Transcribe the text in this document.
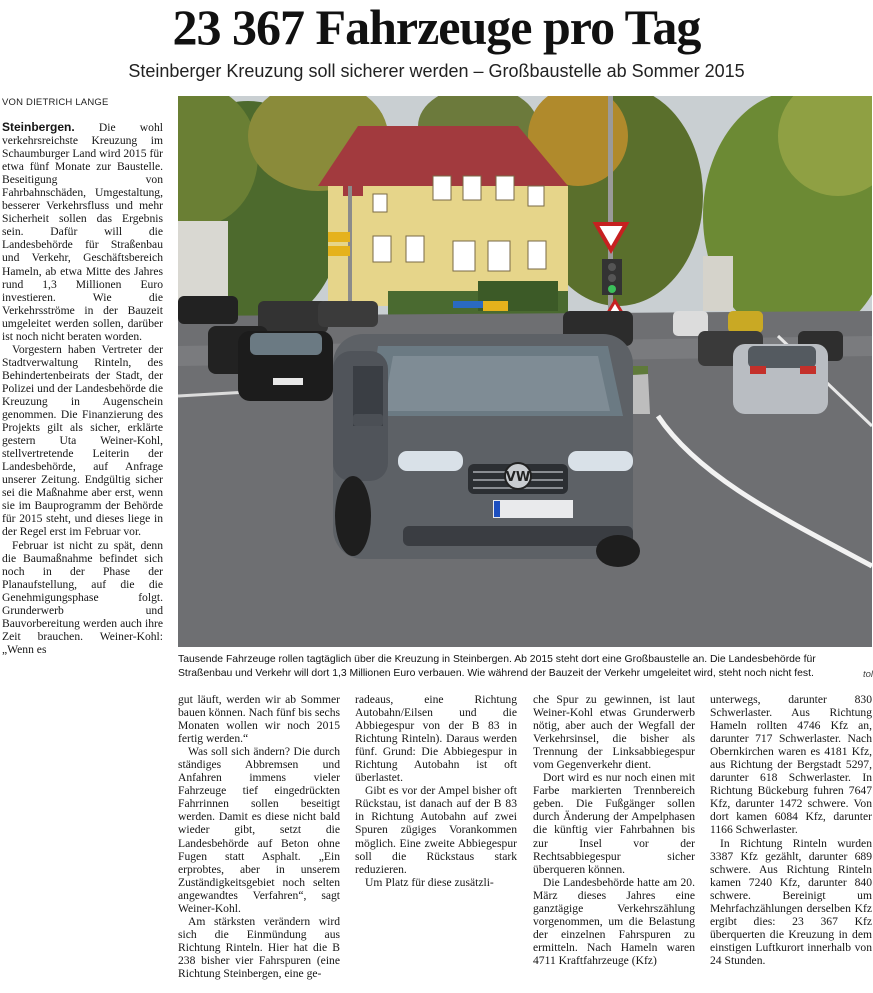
23 367 Fahrzeuge pro Tag
Steinberger Kreuzung soll sicherer werden – Großbaustelle ab Sommer 2015
VON DIETRICH LANGE

Steinbergen. Die wohl verkehrsreichste Kreuzung im Schaumburger Land wird 2015 für etwa fünf Monate zur Baustelle. Beseitigung von Fahrbahnschäden, Umgestaltung, besserer Verkehrsfluss und mehr Sicherheit sollen das Ergebnis sein. Dafür will die Landesbehörde für Straßenbau und Verkehr, Geschäftsbereich Hameln, ab etwa Mitte des Jahres rund 1,3 Millionen Euro investieren. Wie die Verkehrsströme in der Bauzeit umgeleitet werden sollen, darüber ist noch nicht beraten worden.

Vorgestern haben Vertreter der Stadtverwaltung Rinteln, des Behindertenbeirats der Stadt, der Polizei und der Landesbehörde die Kreuzung in Augenschein genommen. Die Finanzierung des Projekts gilt als sicher, erklärte gestern Uta Weiner-Kohl, stellvertretende Leiterin der Landesbehörde, auf Anfrage unserer Zeitung. Endgültig sicher sei die Maßnahme aber erst, wenn sie im Bauprogramm der Behörde für 2015 steht, und dieses liege in der Regel erst im Februar vor.

Februar ist nicht zu spät, denn die Baumaßnahme befindet sich noch in der Phase der Planaufstellung, auf die die Genehmigungsphase folgt. Grunderwerb und Bauvorbereitung werden auch ihre Zeit brauchen. Weiner-Kohl: „Wenn es

VW
Tausende Fahrzeuge rollen tagtäglich über die Kreuzung in Steinbergen. Ab 2015 steht dort eine Großbaustelle an. Die Landesbehörde für Straßenbau und Verkehr will dort 1,3 Millionen Euro verbauen. Wie während der Bauzeit der Verkehr umgeleitet wird, steht noch nicht fest.	tol

gut läuft, werden wir ab Sommer bauen können. Nach fünf bis sechs Monaten wollen wir noch 2015 fertig werden.“

Was soll sich ändern? Die durch ständiges Abbremsen und Anfahren immens vieler Fahrzeuge tief eingedrückten Fahrrinnen sollen beseitigt werden. Damit es diese nicht bald wieder gibt, setzt die Landesbehörde auf Beton ohne Fugen statt Asphalt. „Ein erprobtes, aber in unserem Zuständigkeitsgebiet noch selten angewandtes Verfahren“, sagt Weiner-Kohl.

Am stärksten verändern wird sich die Einmündung aus Richtung Rinteln. Hier hat die B 238 bisher vier Fahrspuren (eine Richtung Steinbergen, eine ge-

radeaus, eine Richtung Autobahn/Eilsen und die Abbiegespur von der B 83 in Richtung Rinteln). Daraus werden fünf. Grund: Die Abbiegespur in Richtung Autobahn ist oft überlastet.

Gibt es vor der Ampel bisher oft Rückstau, ist danach auf der B 83 in Richtung Autobahn auf zwei Spuren zügiges Vorankommen möglich. Eine zweite Abbiegespur soll die Rückstaus stark reduzieren.

Um Platz für diese zusätzli-

che Spur zu gewinnen, ist laut Weiner-Kohl etwas Grunderwerb nötig, aber auch der Wegfall der Verkehrsinsel, die bisher als Trennung der Linksabbiegespur vom Gegenverkehr dient.

Dort wird es nur noch einen mit Farbe markierten Trennbereich geben. Die Fußgänger sollen durch Änderung der Ampelphasen die künftig vier Fahrbahnen bis zur Insel vor der Rechtsabbiegespur sicher überqueren können.

Die Landesbehörde hatte am 20. März dieses Jahres eine ganztägige Verkehrszählung vorgenommen, um die Belastung der einzelnen Fahrspuren zu ermitteln. Nach Hameln waren 4711 Kraftfahrzeuge (Kfz)

unterwegs, darunter 830 Schwerlaster. Aus Richtung Hameln rollten 4746 Kfz an, darunter 717 Schwerlaster. Nach Obernkirchen waren es 4181 Kfz, aus Richtung der Bergstadt 5297, darunter 618 Schwerlaster. In Richtung Bückeburg fuhren 7647 Kfz, darunter 1472 schwere. Von dort kamen 6084 Kfz, darunter 1166 Schwerlaster.

In Richtung Rinteln wurden 3387 Kfz gezählt, darunter 689 schwere. Aus Richtung Rinteln kamen 7240 Kfz, darunter 840 schwere. Bereinigt um Mehrfachzählungen derselben Kfz ergibt dies: 23 367 Kfz überquerten die Kreuzung in dem einstigen Luftkurort innerhalb von 24 Stunden.
